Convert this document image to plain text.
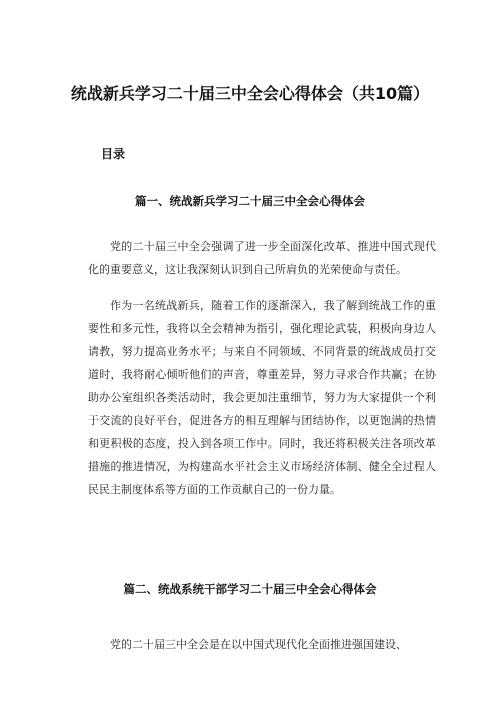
统战新兵学习二十届三中全会心得体会（共10篇）
目录
篇一、统战新兵学习二十届三中全会心得体会

党的二十届三中全会强调了进一步全面深化改革、推进中国式现代化的重要意义，这让我深刻认识到自己所肩负的光荣使命与责任。

作为一名统战新兵，随着工作的逐渐深入，我了解到统战工作的重要性和多元性，我将以全会精神为指引，强化理论武装，积极向身边人请教，努力提高业务水平；与来自不同领域、不同背景的统战成员打交道时，我将耐心倾听他们的声音，尊重差异，努力寻求合作共赢；在协助办公室组织各类活动时，我会更加注重细节，努力为大家提供一个利于交流的良好平台，促进各方的相互理解与团结协作，以更饱满的热情和更积极的态度，投入到各项工作中。同时，我还将积极关注各项改革措施的推进情况，为构建高水平社会主义市场经济体制、健全全过程人民民主制度体系等方面的工作贡献自己的一份力量。

篇二、统战系统干部学习二十届三中全会心得体会

党的二十届三中全会是在以中国式现代化全面推进强国建设、
